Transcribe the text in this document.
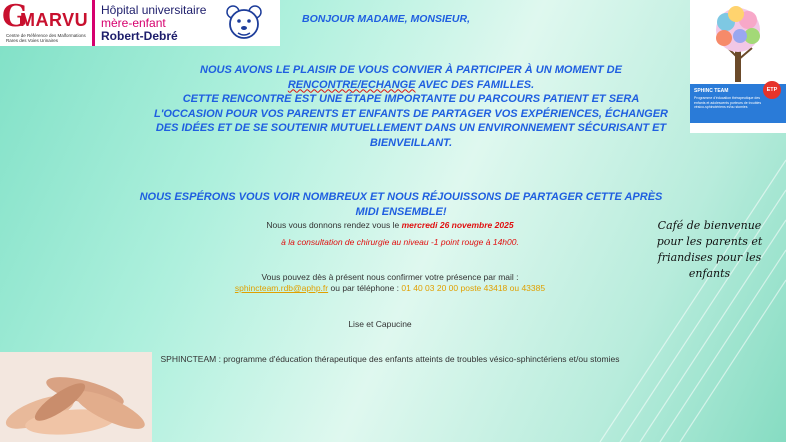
G
MARVU
Centre de Référence des Malformations Rares des Voies Urinaires
Hôpital universitaire
mère-enfant
Robert-Debré

BONJOUR MADAME, MONSIEUR,

NOUS AVONS LE PLAISIR DE VOUS CONVIER À PARTICIPER À UN MOMENT DE
RENCONTRE/ECHANGE AVEC DES FAMILLES.
CETTE RENCONTRE EST UNE ÉTAPE IMPORTANTE DU PARCOURS PATIENT ET SERA L'OCCASION POUR VOS PARENTS ET ENFANTS DE PARTAGER VOS EXPÉRIENCES, ÉCHANGER DES IDÉES ET DE SE SOUTENIR MUTUELLEMENT DANS UN ENVIRONNEMENT SÉCURISANT ET BIENVEILLANT.

NOUS ESPÉRONS VOUS VOIR NOMBREUX ET NOUS RÉJOUISSONS DE PARTAGER CETTE APRÈS MIDI ENSEMBLE!

Nous vous donnons rendez vous le mercredi 26 novembre 2025

à la consultation de chirurgie au niveau -1 point rouge à 14h00.

Vous pouvez dès à présent nous confirmer votre présence par mail :
sphincteam.rdb@aphp.fr ou par téléphone : 01 40 03 20 00 poste 43418 ou 43385

Lise et Capucine

SPHINCTEAM : programme d'éducation thérapeutique des enfants atteints de troubles vésico-sphinctériens et/ou stomies

Café de bienvenue pour les parents et friandises pour les enfants

SPHINC TEAM
Programme d'éducation thérapeutique des enfants et adolescents porteurs de troubles vésico-sphinctériens et/ou stomies
ETP
